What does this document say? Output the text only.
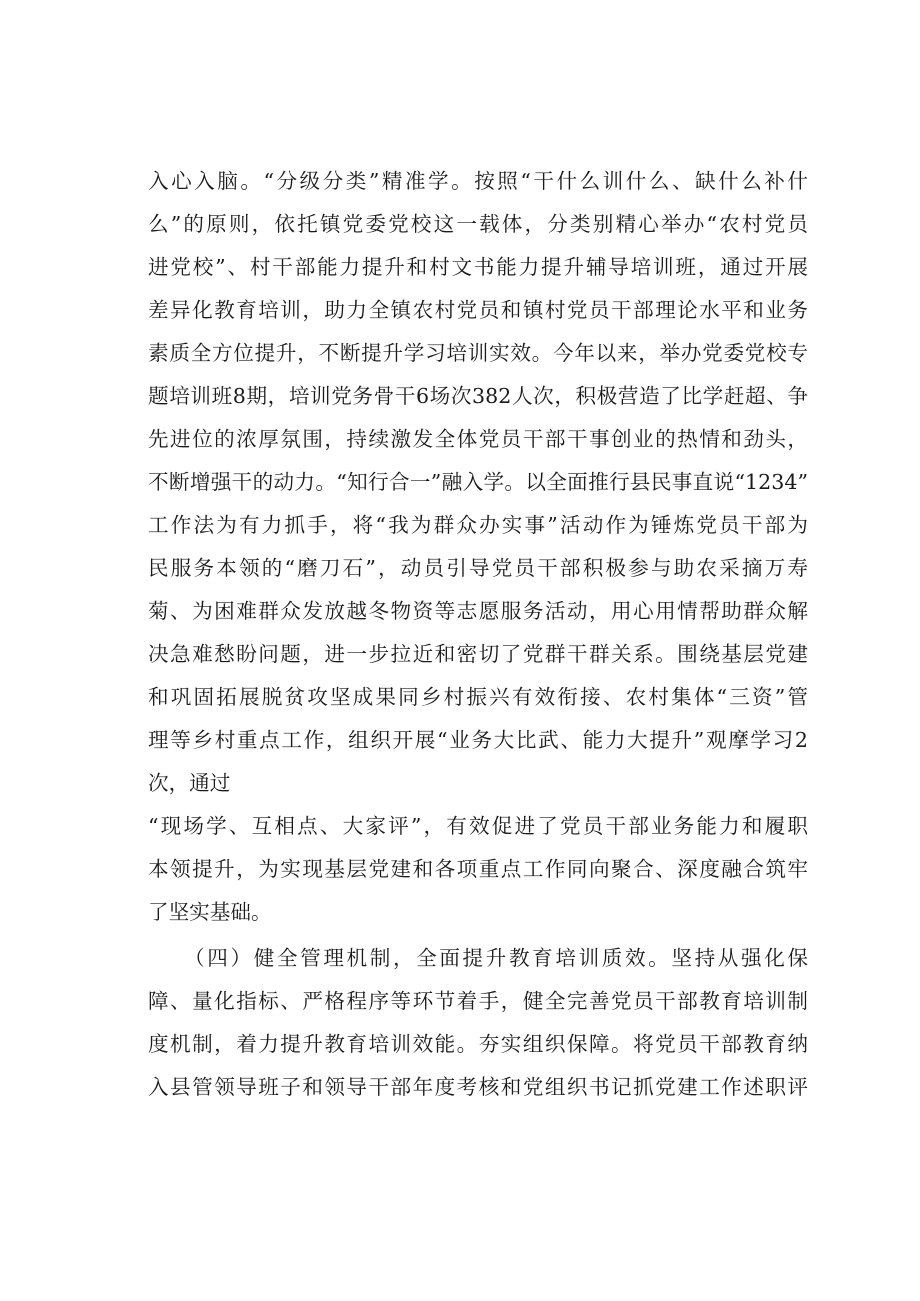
入心入脑。“分级分类”精准学。按照“干什么训什么、缺什么补什
么”的原则，依托镇党委党校这一载体，分类别精心举办“农村党员
进党校”、村干部能力提升和村文书能力提升辅导培训班，通过开展
差异化教育培训，助力全镇农村党员和镇村党员干部理论水平和业务
素质全方位提升，不断提升学习培训实效。今年以来，举办党委党校专
题培训班8期，培训党务骨干6场次382人次，积极营造了比学赶超、争
先进位的浓厚氛围，持续激发全体党员干部干事创业的热情和劲头，
不断增强干的动力。“知行合一”融入学。以全面推行县民事直说“1234”
工作法为有力抓手，将“我为群众办实事”活动作为锤炼党员干部为
民服务本领的“磨刀石”，动员引导党员干部积极参与助农采摘万寿
菊、为困难群众发放越冬物资等志愿服务活动，用心用情帮助群众解
决急难愁盼问题，进一步拉近和密切了党群干群关系。围绕基层党建
和巩固拓展脱贫攻坚成果同乡村振兴有效衔接、农村集体“三资”管
理等乡村重点工作，组织开展“业务大比武、能力大提升”观摩学习2
次，通过
“现场学、互相点、大家评”，有效促进了党员干部业务能力和履职
本领提升，为实现基层党建和各项重点工作同向聚合、深度融合筑牢
了坚实基础。
　　（四）健全管理机制，全面提升教育培训质效。坚持从强化保
障、量化指标、严格程序等环节着手，健全完善党员干部教育培训制
度机制，着力提升教育培训效能。夯实组织保障。将党员干部教育纳
入县管领导班子和领导干部年度考核和党组织书记抓党建工作述职评
